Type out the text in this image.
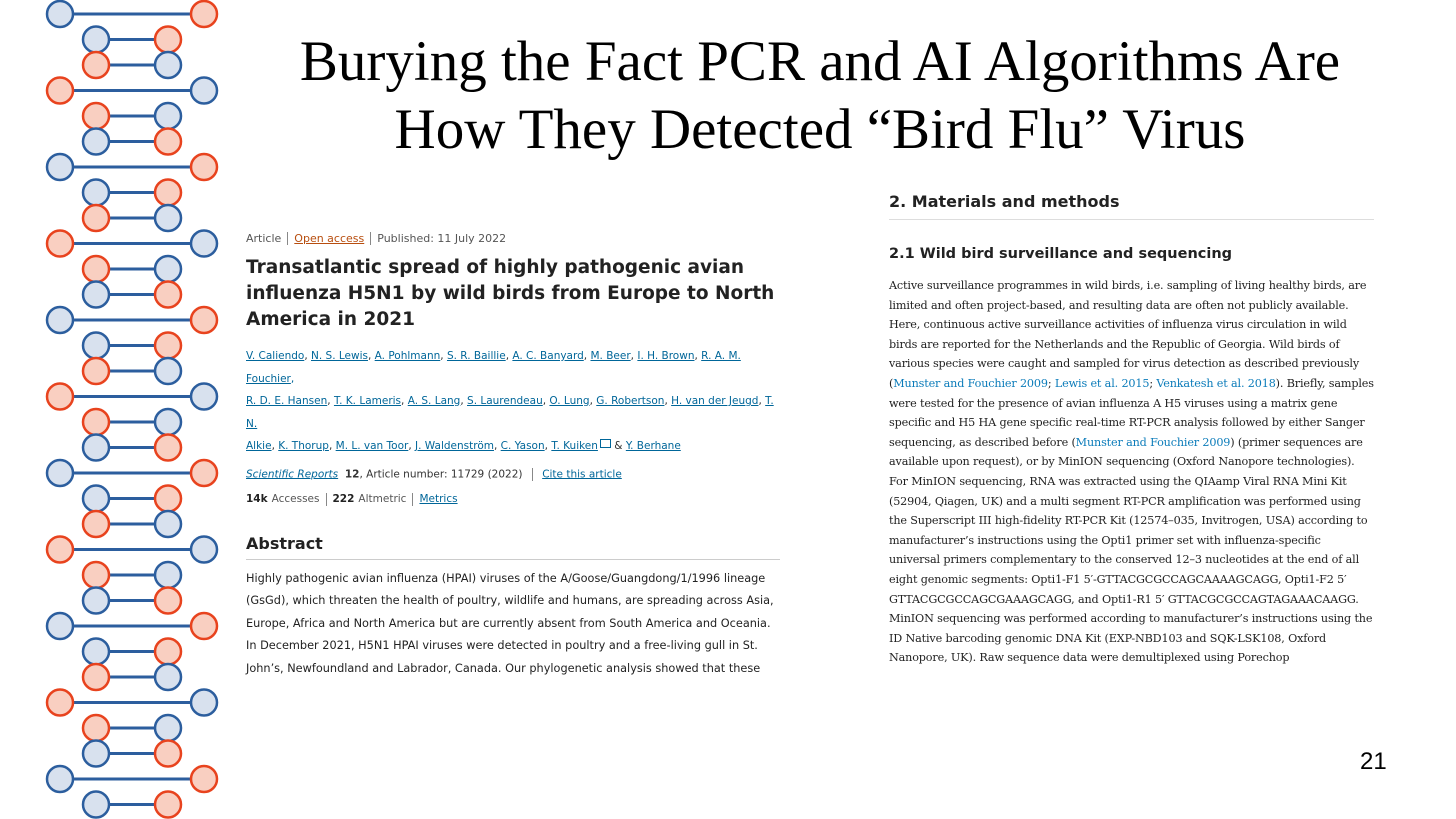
Burying the Fact PCR and AI Algorithms Are
How They Detected “Bird Flu” Virus
Article Open access Published: 11 July 2022
Transatlantic spread of highly pathogenic avian influenza H5N1 by wild birds from Europe to North America in 2021
V. Caliendo, N. S. Lewis, A. Pohlmann, S. R. Baillie, A. C. Banyard, M. Beer, I. H. Brown, R. A. M. Fouchier,
R. D. E. Hansen, T. K. Lameris, A. S. Lang, S. Laurendeau, O. Lung, G. Robertson, H. van der Jeugd, T. N.
Alkie, K. Thorup, M. L. van Toor, J. Waldenström, C. Yason, T. Kuiken & Y. Berhane
Scientific Reports 12, Article number: 11729 (2022) Cite this article
14k Accesses 222 Altmetric Metrics
Abstract
Highly pathogenic avian influenza (HPAI) viruses of the A/Goose/Guangdong/1/1996 lineage
(GsGd), which threaten the health of poultry, wildlife and humans, are spreading across Asia,
Europe, Africa and North America but are currently absent from South America and Oceania.
In December 2021, H5N1 HPAI viruses were detected in poultry and a free-living gull in St.
John’s, Newfoundland and Labrador, Canada. Our phylogenetic analysis showed that these
2. Materials and methods
2.1 Wild bird surveillance and sequencing
Active surveillance programmes in wild birds, i.e. sampling of living healthy birds, are limited and often project-based, and resulting data are often not publicly available. Here, continuous active surveillance activities of influenza virus circulation in wild birds are reported for the Netherlands and the Republic of Georgia. Wild birds of various species were caught and sampled for virus detection as described previously (Munster and Fouchier 2009; Lewis et al. 2015; Venkatesh et al. 2018). Briefly, samples were tested for the presence of avian influenza A H5 viruses using a matrix gene specific and H5 HA gene specific real-time RT-PCR analysis followed by either Sanger sequencing, as described before (Munster and Fouchier 2009) (primer sequences are available upon request), or by MinION sequencing (Oxford Nanopore technologies). For MinION sequencing, RNA was extracted using the QIAamp Viral RNA Mini Kit (52904, Qiagen, UK) and a multi segment RT-PCR amplification was performed using the Superscript III high-fidelity RT-PCR Kit (12574–035, Invitrogen, USA) according to manufacturer’s instructions using the Opti1 primer set with influenza-specific universal primers complementary to the conserved 12–3 nucleotides at the end of all eight genomic segments: Opti1-F1 5′-GTTACGCGCCAGCAAAAGCAGG, Opti1-F2 5′ GTTACGCGCCAGCGAAAGCAGG, and Opti1-R1 5′ GTTACGCGCCAGTAGAAACAAGG. MinION sequencing was performed according to manufacturer’s instructions using the ID Native barcoding genomic DNA Kit (EXP-NBD103 and SQK-LSK108, Oxford Nanopore, UK). Raw sequence data were demultiplexed using Porechop
21
